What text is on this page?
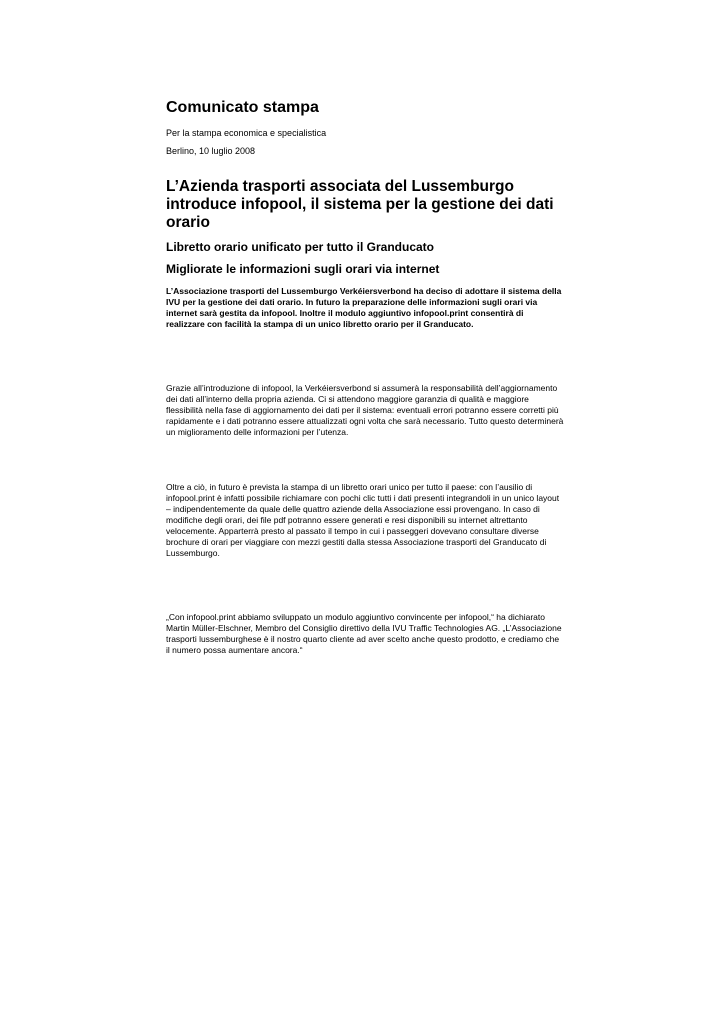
Comunicato stampa

Per la stampa economica e specialistica

Berlino, 10 luglio 2008

L’Azienda trasporti associata del Lussemburgo introduce infopool, il sistema per la gestione dei dati orario
Libretto orario unificato per tutto il Granducato
Migliorate le informazioni sugli orari via internet

L’Associazione trasporti del Lussemburgo Verkéiersverbond ha deciso di adottare il sistema della IVU per la gestione dei dati orario. In futuro la preparazione delle informazioni sugli orari via internet sarà gestita da infopool. Inoltre il modulo aggiuntivo infopool.print consentirà di realizzare con facilità la stampa di un unico libretto orario per il Granducato.

Grazie all’introduzione di infopool, la Verkéiersverbond si assumerà la responsabilità dell’aggiornamento dei dati all’interno della propria azienda. Ci si attendono maggiore garanzia di qualità e maggiore flessibilità nella fase di aggiornamento dei dati per il sistema: eventuali errori potranno essere corretti più rapidamente e i dati potranno essere attualizzati ogni volta che sarà necessario. Tutto questo determinerà un miglioramento delle informazioni per l’utenza.

Oltre a ciò, in futuro è prevista la stampa di un libretto orari unico per tutto il paese: con l’ausilio di infopool.print è infatti possibile richiamare con pochi clic tutti i dati presenti integrandoli in un unico layout – indipendentemente da quale delle quattro aziende della Associazione essi provengano. In caso di modifiche degli orari, dei file pdf potranno essere generati e resi disponibili su internet altrettanto velocemente. Apparterrà presto al passato il tempo in cui i passeggeri dovevano consultare diverse brochure di orari per viaggiare con mezzi gestiti dalla stessa Associazione trasporti del Granducato di Lussemburgo.

„Con infopool.print abbiamo sviluppato un modulo aggiuntivo convincente per infopool,“ ha dichiarato Martin Müller-Elschner, Membro del Consiglio direttivo della IVU Traffic Technologies AG. „L’Associazione trasporti lussemburghese è il nostro quarto cliente ad aver scelto anche questo prodotto, e crediamo che il numero possa aumentare ancora.“
